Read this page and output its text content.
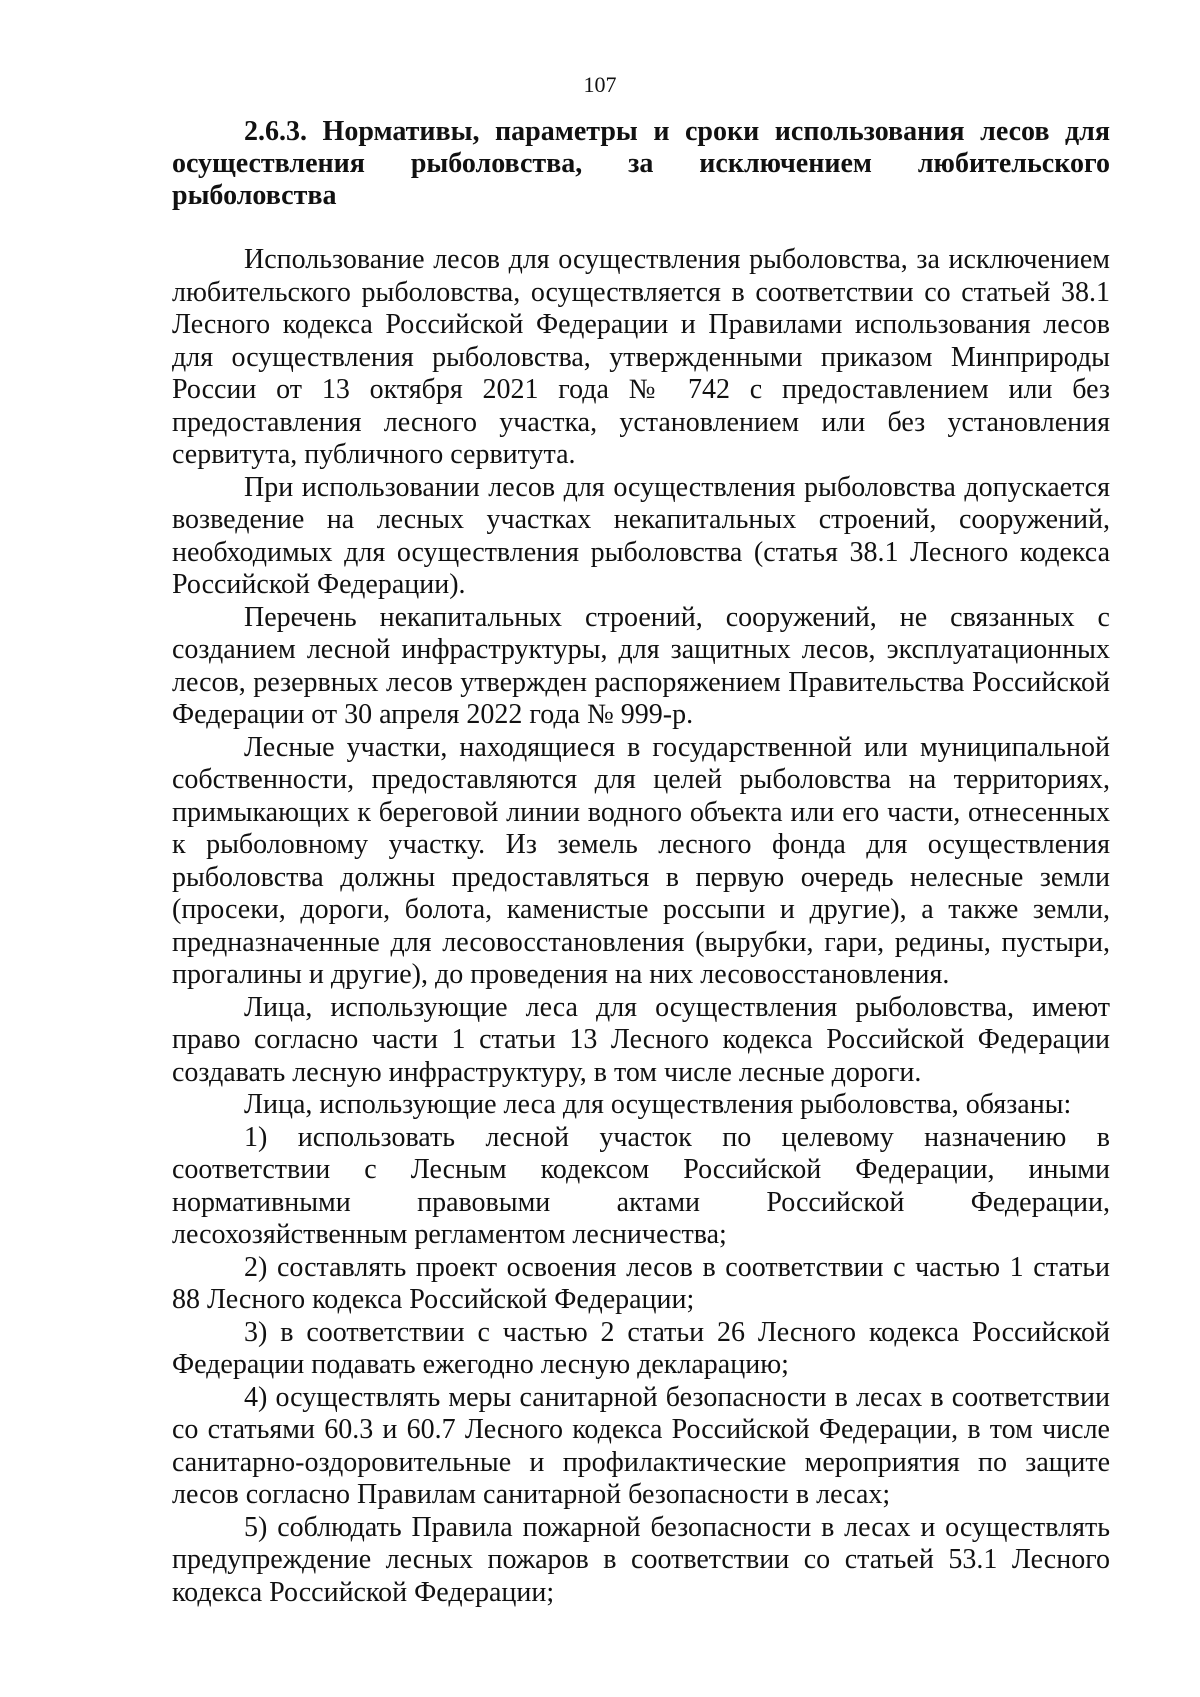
107

2.6.3. Нормативы, параметры и сроки использования лесов для осуществления рыболовства, за исключением любительского рыболовства

Использование лесов для осуществления рыболовства, за исключением любительского рыболовства, осуществляется в соответствии со статьей 38.1 Лесного кодекса Российской Федерации и Правилами использования лесов для осуществления рыболовства, утвержденными приказом Минприроды России от 13 октября 2021 года № 742 с предоставлением или без предоставления лесного участка, установлением или без установления сервитута, публичного сервитута.

При использовании лесов для осуществления рыболовства допускается возведение на лесных участках некапитальных строений, сооружений, необходимых для осуществления рыболовства (статья 38.1 Лесного кодекса Российской Федерации).

Перечень некапитальных строений, сооружений, не связанных с созданием лесной инфраструктуры, для защитных лесов, эксплуатационных лесов, резервных лесов утвержден распоряжением Правительства Российской Федерации от 30 апреля 2022 года № 999-р.

Лесные участки, находящиеся в государственной или муниципальной собственности, предоставляются для целей рыболовства на территориях, примыкающих к береговой линии водного объекта или его части, отнесенных к рыболовному участку. Из земель лесного фонда для осуществления рыболовства должны предоставляться в первую очередь нелесные земли (просеки, дороги, болота, каменистые россыпи и другие), а также земли, предназначенные для лесовосстановления (вырубки, гари, редины, пустыри, прогалины и другие), до проведения на них лесовосстановления.

Лица, использующие леса для осуществления рыболовства, имеют право согласно части 1 статьи 13 Лесного кодекса Российской Федерации создавать лесную инфраструктуру, в том числе лесные дороги.

Лица, использующие леса для осуществления рыболовства, обязаны:

1) использовать лесной участок по целевому назначению в соответствии с Лесным кодексом Российской Федерации, иными нормативными правовыми актами Российской Федерации, лесохозяйственным регламентом лесничества;

2) составлять проект освоения лесов в соответствии с частью 1 статьи 88 Лесного кодекса Российской Федерации;

3) в соответствии с частью 2 статьи 26 Лесного кодекса Российской Федерации подавать ежегодно лесную декларацию;

4) осуществлять меры санитарной безопасности в лесах в соответствии со статьями 60.3 и 60.7 Лесного кодекса Российской Федерации, в том числе санитарно-оздоровительные и профилактические мероприятия по защите лесов согласно Правилам санитарной безопасности в лесах;

5) соблюдать Правила пожарной безопасности в лесах и осуществлять предупреждение лесных пожаров в соответствии со статьей 53.1 Лесного кодекса Российской Федерации;
